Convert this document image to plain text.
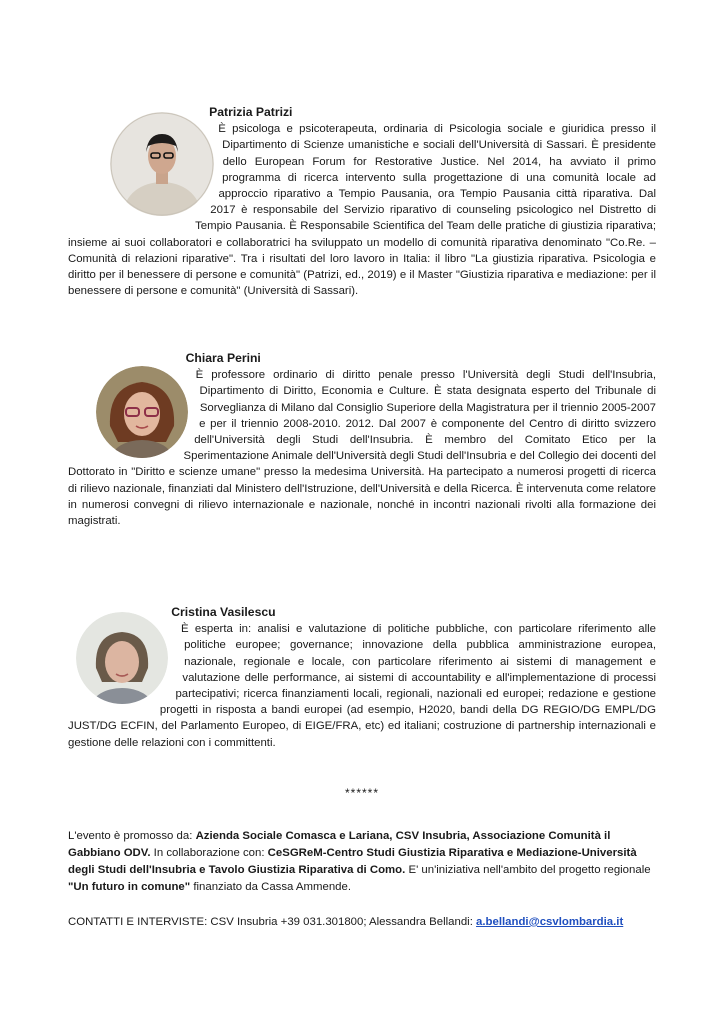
Patrizia Patrizi
È psicologa e psicoterapeuta, ordinaria di Psicologia sociale e giuridica presso il Dipartimento di Scienze umanistiche e sociali dell'Università di Sassari. È presidente dello European Forum for Restorative Justice. Nel 2014, ha avviato il primo programma di ricerca intervento sulla progettazione di una comunità locale ad approccio riparativo a Tempio Pausania, ora Tempio Pausania città riparativa. Dal 2017 è responsabile del Servizio riparativo di counseling psicologico nel Distretto di Tempio Pausania. È Responsabile Scientifica del Team delle pratiche di giustizia riparativa; insieme ai suoi collaboratori e collaboratrici ha sviluppato un modello di comunità riparativa denominato "Co.Re. – Comunità di relazioni riparative". Tra i risultati del loro lavoro in Italia: il libro "La giustizia riparativa. Psicologia e diritto per il benessere di persone e comunità" (Patrizi, ed., 2019) e il Master "Giustizia riparativa e mediazione: per il benessere di persone e comunità" (Università di Sassari).
Chiara Perini
È professore ordinario di diritto penale presso l'Università degli Studi dell'Insubria, Dipartimento di Diritto, Economia e Culture. È stata designata esperto del Tribunale di Sorveglianza di Milano dal Consiglio Superiore della Magistratura per il triennio 2005-2007 e per il triennio 2008-2010. 2012. Dal 2007 è componente del Centro di diritto svizzero dell'Università degli Studi dell'Insubria. È membro del Comitato Etico per la Sperimentazione Animale dell'Università degli Studi dell'Insubria e del Collegio dei docenti del Dottorato in "Diritto e scienze umane" presso la medesima Università. Ha partecipato a numerosi progetti di ricerca di rilievo nazionale, finanziati dal Ministero dell'Istruzione, dell'Università e della Ricerca. È intervenuta come relatore in numerosi convegni di rilievo internazionale e nazionale, nonché in incontri nazionali rivolti alla formazione dei magistrati.
Cristina Vasilescu
È esperta in: analisi e valutazione di politiche pubbliche, con particolare riferimento alle politiche europee; governance; innovazione della pubblica amministrazione europea, nazionale, regionale e locale, con particolare riferimento ai sistemi di management e valutazione delle performance, ai sistemi di accountability e all'implementazione di processi partecipativi; ricerca finanziamenti locali, regionali, nazionali ed europei; redazione e gestione progetti in risposta a bandi europei (ad esempio, H2020, bandi della DG REGIO/DG EMPL/DG JUST/DG ECFIN, del Parlamento Europeo, di EIGE/FRA, etc) ed italiani; costruzione di partnership internazionali e gestione delle relazioni con i committenti.
******
L'evento è promosso da: Azienda Sociale Comasca e Lariana, CSV Insubria, Associazione Comunità il Gabbiano ODV. In collaborazione con: CeSGReM-Centro Studi Giustizia Riparativa e Mediazione-Università degli Studi dell'Insubria e Tavolo Giustizia Riparativa di Como. E' un'iniziativa nell'ambito del progetto regionale "Un futuro in comune" finanziato da Cassa Ammende.
CONTATTI E INTERVISTE: CSV Insubria +39 031.301800; Alessandra Bellandi: a.bellandi@csvlombardia.it
